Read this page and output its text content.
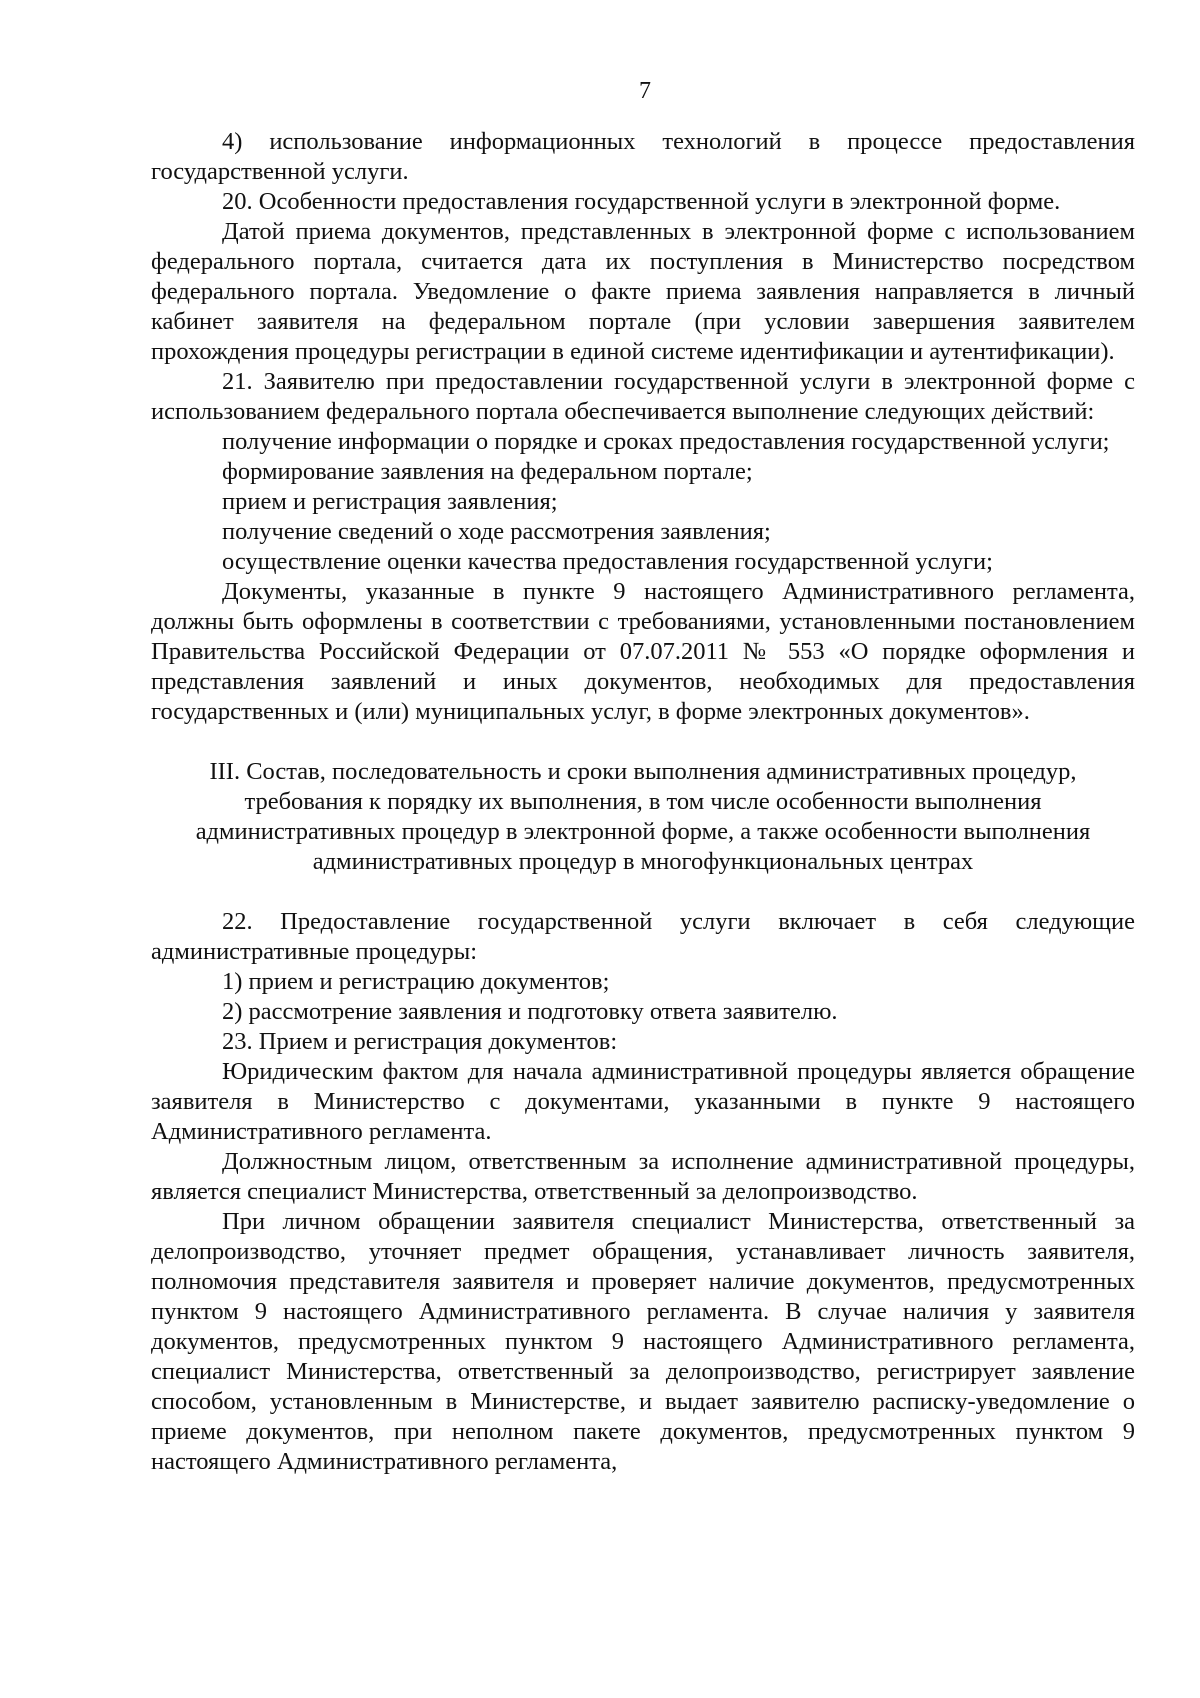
7

4) использование информационных технологий в процессе предоставления государственной услуги.

20. Особенности предоставления государственной услуги в электронной форме.

Датой приема документов, представленных в электронной форме с использованием федерального портала, считается дата их поступления в Министерство посредством федерального портала. Уведомление о факте приема заявления направляется в личный кабинет заявителя на федеральном портале (при условии завершения заявителем прохождения процедуры регистрации в единой системе идентификации и аутентификации).

21. Заявителю при предоставлении государственной услуги в электронной форме с использованием федерального портала обеспечивается выполнение следующих действий:

получение информации о порядке и сроках предоставления государственной услуги;

формирование заявления на федеральном портале;

прием и регистрация заявления;

получение сведений о ходе рассмотрения заявления;

осуществление оценки качества предоставления государственной услуги;

Документы, указанные в пункте 9 настоящего Административного регламента, должны быть оформлены в соответствии с требованиями, установленными постановлением Правительства Российской Федерации от 07.07.2011 № 553 «О порядке оформления и представления заявлений и иных документов, необходимых для предоставления государственных и (или) муниципальных услуг, в форме электронных документов».

III. Состав, последовательность и сроки выполнения административных процедур, требования к порядку их выполнения, в том числе особенности выполнения административных процедур в электронной форме, а также особенности выполнения административных процедур в многофункциональных центрах

22. Предоставление государственной услуги включает в себя следующие административные процедуры:

1) прием и регистрацию документов;

2) рассмотрение заявления и подготовку ответа заявителю.

23. Прием и регистрация документов:

Юридическим фактом для начала административной процедуры является обращение заявителя в Министерство с документами, указанными в пункте 9 настоящего Административного регламента.

Должностным лицом, ответственным за исполнение административной процедуры, является специалист Министерства, ответственный за делопроизводство.

При личном обращении заявителя специалист Министерства, ответственный за делопроизводство, уточняет предмет обращения, устанавливает личность заявителя, полномочия представителя заявителя и проверяет наличие документов, предусмотренных пунктом 9 настоящего Административного регламента. В случае наличия у заявителя документов, предусмотренных пунктом 9 настоящего Административного регламента, специалист Министерства, ответственный за делопроизводство, регистрирует заявление способом, установленным в Министерстве, и выдает заявителю расписку-уведомление о приеме документов, при неполном пакете документов, предусмотренных пунктом 9 настоящего Административного регламента,
